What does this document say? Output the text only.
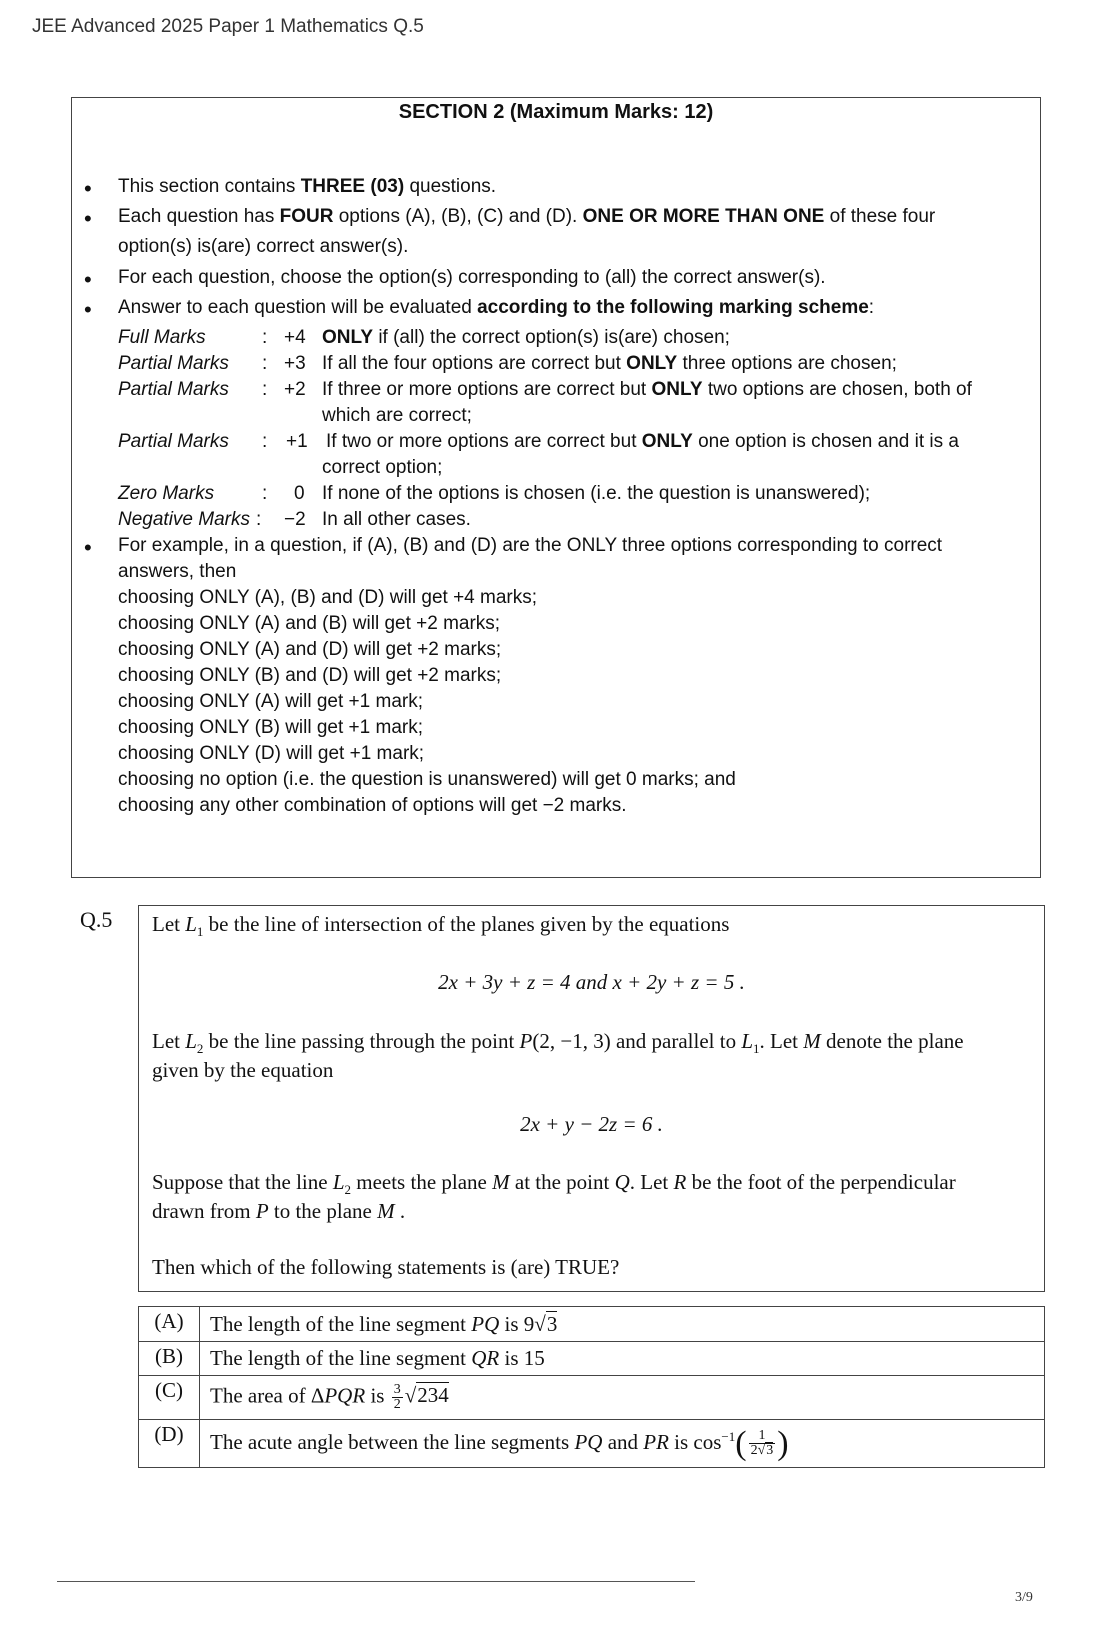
JEE Advanced 2025 Paper 1 Mathematics Q.5
SECTION 2 (Maximum Marks: 12)
• This section contains THREE (03) questions.
• Each question has FOUR options (A), (B), (C) and (D). ONE OR MORE THAN ONE of these four
option(s) is(are) correct answer(s).
• For each question, choose the option(s) corresponding to (all) the correct answer(s).
• Answer to each question will be evaluated according to the following marking scheme:
Full Marks	: +4 ONLY if (all) the correct option(s) is(are) chosen;
Partial Marks : +3 If all the four options are correct but ONLY three options are chosen;
Partial Marks : +2 If three or more options are correct but ONLY two options are chosen, both of
which are correct;
Partial Marks : +1 If two or more options are correct but ONLY one option is chosen and it is a
correct option;
Zero Marks	: 0 If none of the options is chosen (i.e. the question is unanswered);
Negative Marks : −2 In all other cases.
• For example, in a question, if (A), (B) and (D) are the ONLY three options corresponding to correct
answers, then
choosing ONLY (A), (B) and (D) will get +4 marks;
choosing ONLY (A) and (B) will get +2 marks;
choosing ONLY (A) and (D) will get +2 marks;
choosing ONLY (B) and (D) will get +2 marks;
choosing ONLY (A) will get +1 mark;
choosing ONLY (B) will get +1 mark;
choosing ONLY (D) will get +1 mark;
choosing no option (i.e. the question is unanswered) will get 0 marks; and
choosing any other combination of options will get −2 marks.
Q.5 Let $L_1$ be the line of intersection of the planes given by the equations
2x + 3y + z = 4 and x + 2y + z = 5 .
Let $L_2$ be the line passing through the point P(2, −1, 3) and parallel to $L_1$. Let M denote the plane
given by the equation
2x + y − 2z = 6 .
Suppose that the line $L_2$ meets the plane M at the point Q. Let R be the foot of the perpendicular
drawn from P to the plane M .
Then which of the following statements is (are) TRUE?
(A)	The length of the line segment PQ is 9√3
(B)	The length of the line segment QR is 15
(C)	The area of ΔPQR is $\frac{3}{2} √234$
(D)	The acute angle between the line segments PQ and PR is $\cos^{-1}( \frac{1}{2√3}$ )
3/9
